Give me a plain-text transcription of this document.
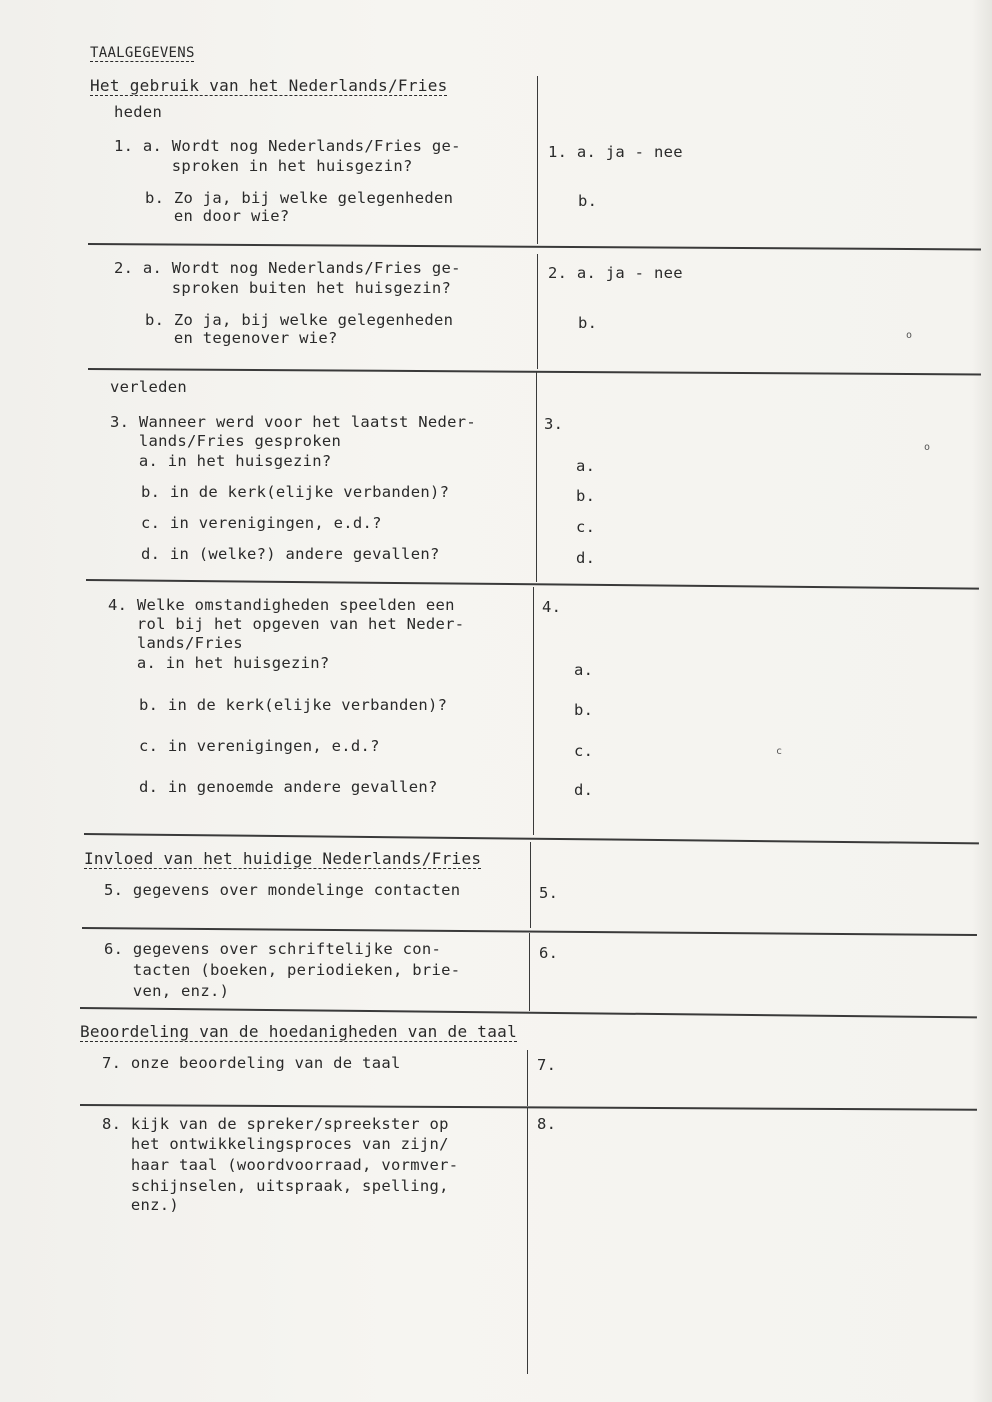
TAALGEGEVENS
Het gebruik van het Nederlands/Fries
heden
1. a. Wordt nog Nederlands/Fries ge-
sproken in het huisgezin?
b. Zo ja, bij welke gelegenheden
en door wie?
1. a. ja - nee
b.
2. a. Wordt nog Nederlands/Fries ge-
sproken buiten het huisgezin?
b. Zo ja, bij welke gelegenheden
en tegenover wie?
2. a. ja - nee
b.
verleden
3. Wanneer werd voor het laatst Neder-
lands/Fries gesproken
a. in het huisgezin?
b. in de kerk(elijke verbanden)?
c. in verenigingen, e.d.?
d. in (welke?) andere gevallen?
3.
a.
b.
c.
d.
4. Welke omstandigheden speelden een
rol bij het opgeven van het Neder-
lands/Fries
a. in het huisgezin?
b. in de kerk(elijke verbanden)?
c. in verenigingen, e.d.?
d. in genoemde andere gevallen?
4.
a.
b.
c.
d.
Invloed van het huidige Nederlands/Fries
5. gegevens over mondelinge contacten	5.
6. gegevens over schriftelijke con-
tacten (boeken, periodieken, brie-
ven, enz.)
6.
Beoordeling van de hoedanigheden van de taal
7. onze beoordeling van de taal	7.
8. kijk van de spreker/spreekster op
het ontwikkelingsproces van zijn/
haar taal (woordvoorraad, vormver-
schijnselen, uitspraak, spelling,
enz.)
8.
o
o
c
